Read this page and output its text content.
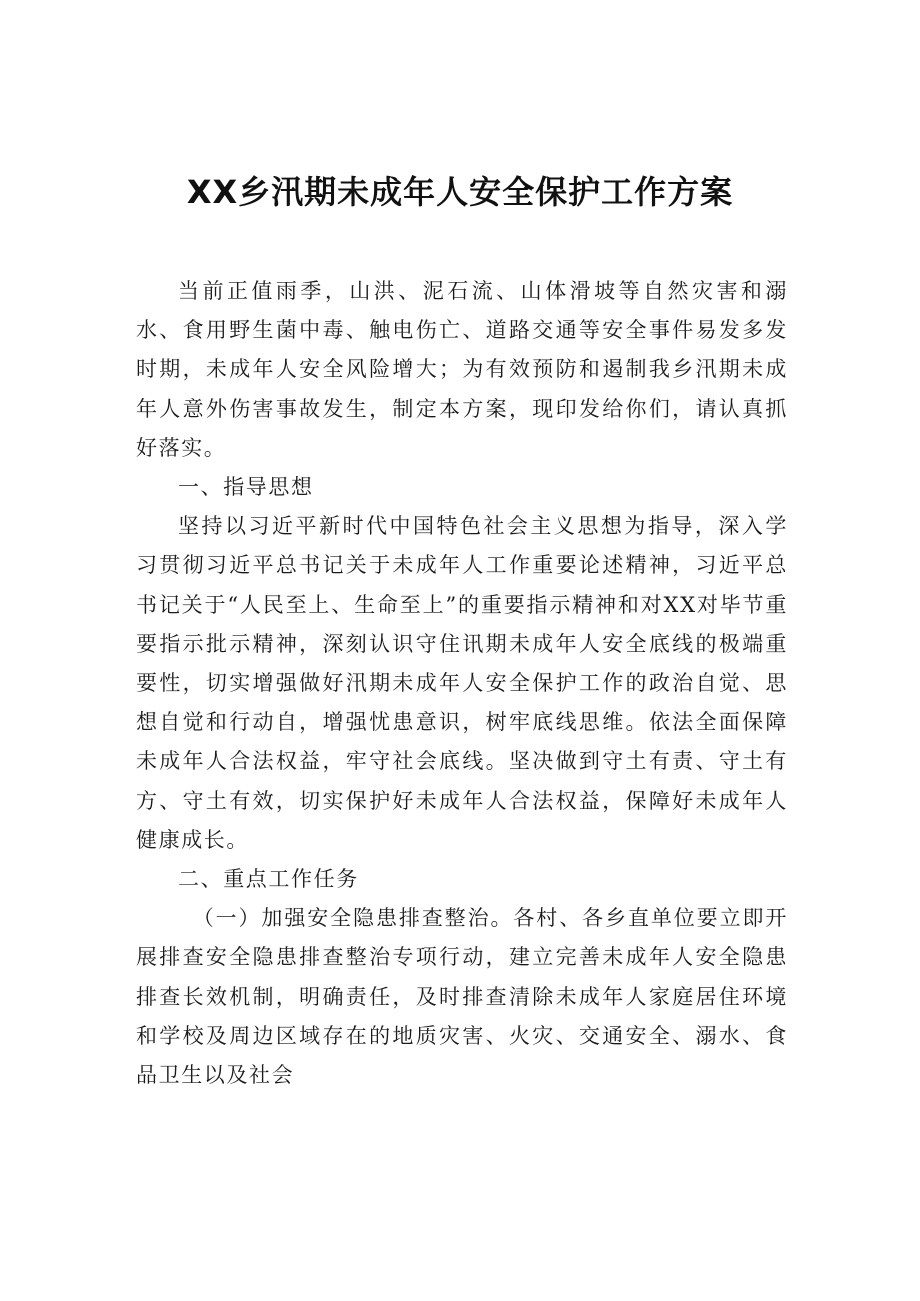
XX乡汛期未成年人安全保护工作方案

当前正值雨季，山洪、泥石流、山体滑坡等自然灾害和溺水、食用野生菌中毒、触电伤亡、道路交通等安全事件易发多发时期，未成年人安全风险增大；为有效预防和遏制我乡汛期未成年人意外伤害事故发生，制定本方案，现印发给你们，请认真抓好落实。

一、指导思想

坚持以习近平新时代中国特色社会主义思想为指导，深入学习贯彻习近平总书记关于未成年人工作重要论述精神，习近平总书记关于“人民至上、生命至上”的重要指示精神和对XX对毕节重要指示批示精神，深刻认识守住讯期未成年人安全底线的极端重要性，切实增强做好汛期未成年人安全保护工作的政治自觉、思想自觉和行动自，增强忧患意识，树牢底线思维。依法全面保障未成年人合法权益，牢守社会底线。坚决做到守土有责、守土有方、守土有效，切实保护好未成年人合法权益，保障好未成年人健康成长。

二、重点工作任务

（一）加强安全隐患排查整治。各村、各乡直单位要立即开展排查安全隐患排查整治专项行动，建立完善未成年人安全隐患排查长效机制，明确责任，及时排查清除未成年人家庭居住环境和学校及周边区域存在的地质灾害、火灾、交通安全、溺水、食品卫生以及社会
